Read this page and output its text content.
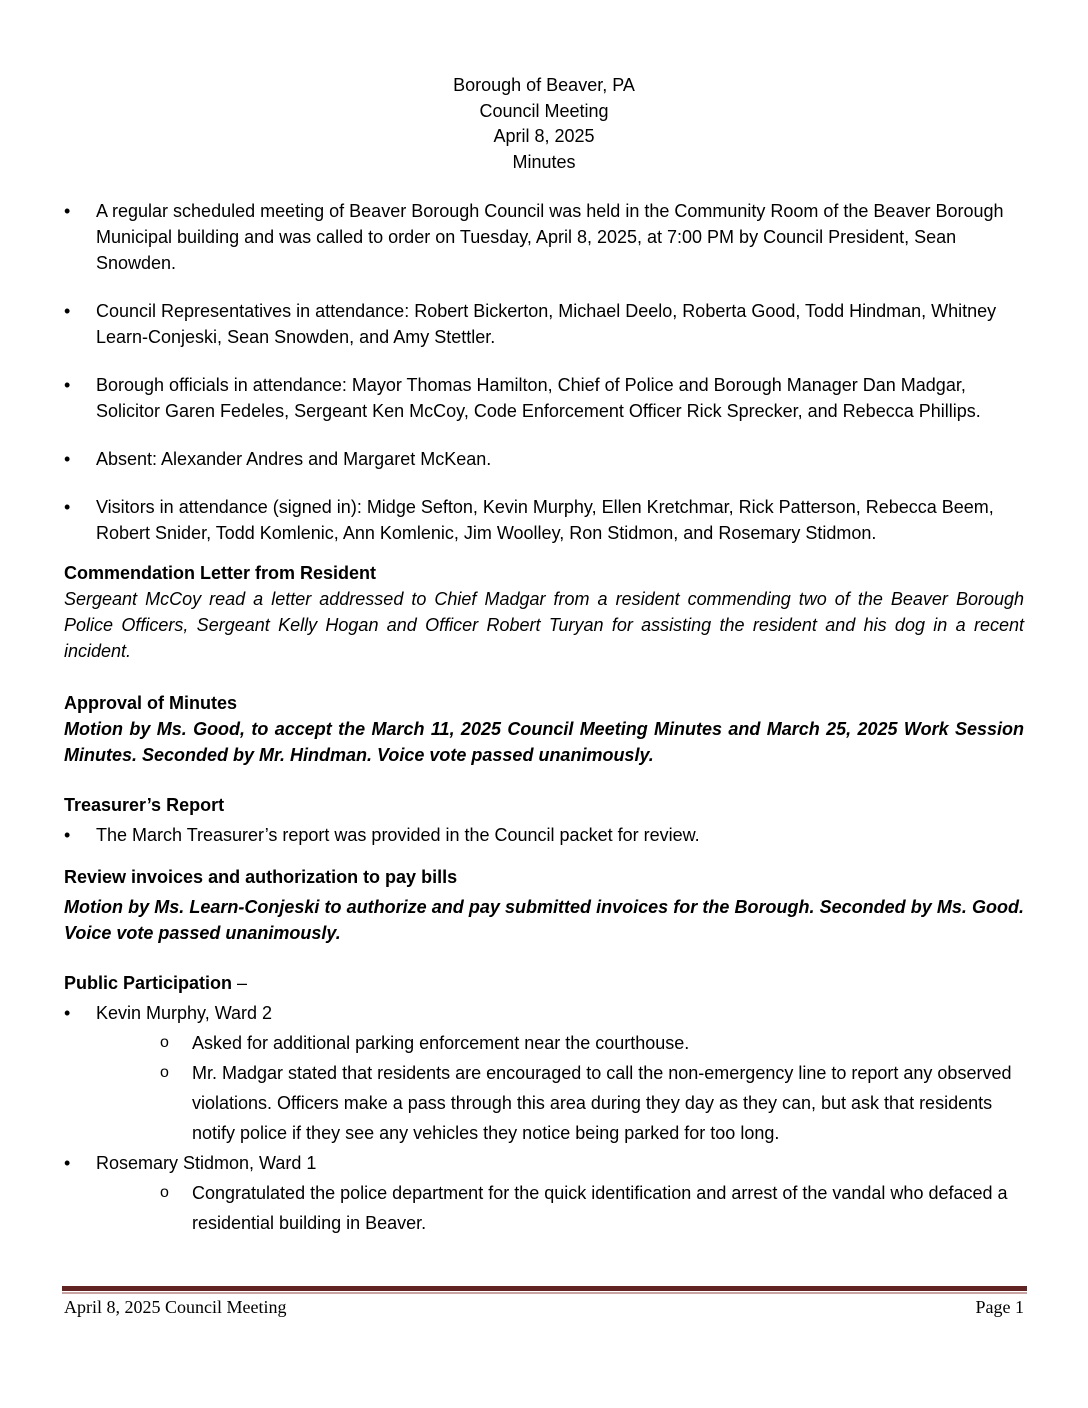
Borough of Beaver, PA
Council Meeting
April 8, 2025
Minutes
•	A regular scheduled meeting of Beaver Borough Council was held in the Community Room of the Beaver Borough Municipal building and was called to order on Tuesday, April 8, 2025, at 7:00 PM by Council President, Sean Snowden.
•	Council Representatives in attendance: Robert Bickerton, Michael Deelo, Roberta Good, Todd Hindman, Whitney Learn-Conjeski, Sean Snowden, and Amy Stettler.
•	Borough officials in attendance: Mayor Thomas Hamilton, Chief of Police and Borough Manager Dan Madgar, Solicitor Garen Fedeles, Sergeant Ken McCoy, Code Enforcement Officer Rick Sprecker, and Rebecca Phillips.
•	Absent: Alexander Andres and Margaret McKean.
•	Visitors in attendance (signed in): Midge Sefton, Kevin Murphy, Ellen Kretchmar, Rick Patterson, Rebecca Beem, Robert Snider, Todd Komlenic, Ann Komlenic, Jim Woolley, Ron Stidmon, and Rosemary Stidmon.
Commendation Letter from Resident
Sergeant McCoy read a letter addressed to Chief Madgar from a resident commending two of the Beaver Borough Police Officers, Sergeant Kelly Hogan and Officer Robert Turyan for assisting the resident and his dog in a recent incident.
Approval of Minutes
Motion by Ms. Good, to accept the March 11, 2025 Council Meeting Minutes and March 25, 2025 Work Session Minutes. Seconded by Mr. Hindman. Voice vote passed unanimously.
Treasurer’s Report
•	The March Treasurer’s report was provided in the Council packet for review.
Review invoices and authorization to pay bills
Motion by Ms. Learn-Conjeski to authorize and pay submitted invoices for the Borough. Seconded by Ms. Good. Voice vote passed unanimously.
Public Participation –
• Kevin Murphy, Ward 2
o Asked for additional parking enforcement near the courthouse.
o Mr. Madgar stated that residents are encouraged to call the non-emergency line to report any observed violations. Officers make a pass through this area during they day as they can, but ask that residents notify police if they see any vehicles they notice being parked for too long.
• Rosemary Stidmon, Ward 1
o Congratulated the police department for the quick identification and arrest of the vandal who defaced a residential building in Beaver.
April 8, 2025 Council Meeting	Page 1
